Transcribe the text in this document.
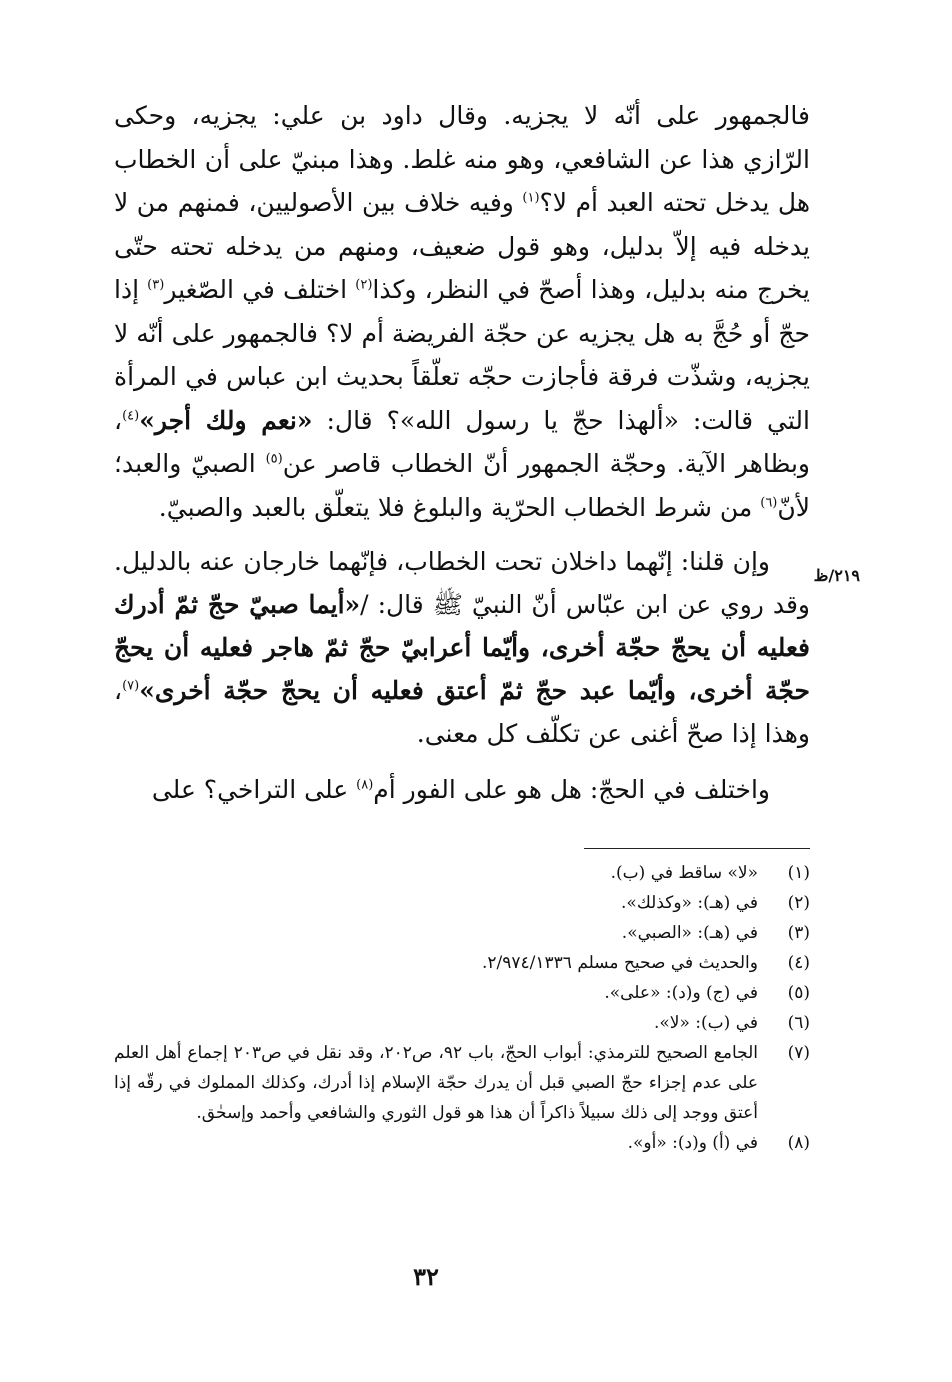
٢١٩/ظ

فالجمهور على أنّه لا يجزيه. وقال داود بن علي: يجزيه، وحكى الرّازي هذا عن الشافعي، وهو منه غلط. وهذا مبنيّ على أن الخطاب هل يدخل تحته العبد أم لا؟$^{(١)}$ وفيه خلاف بين الأصوليين، فمنهم من لا يدخله فيه إلاّ بدليل، وهو قول ضعيف، ومنهم من يدخله تحته حتّى يخرج منه بدليل، وهذا أصحّ في النظر، وكذا$^{(٢)}$ اختلف في الصّغير$^{(٣)}$ إذا حجّ أو حُجَّ به هل يجزيه عن حجّة الفريضة أم لا؟ فالجمهور على أنّه لا يجزيه، وشذّت فرقة فأجازت حجّه تعلّقاً بحديث ابن عباس في المرأة التي قالت: «ألهذا حجّ يا رسول الله»؟ قال: «نعم ولك أجر»$^{(٤)}$، وبظاهر الآية. وحجّة الجمهور أنّ الخطاب قاصر عن$^{(٥)}$ الصبيّ والعبد؛ لأنّ$^{(٦)}$ من شرط الخطاب الحرّية والبلوغ فلا يتعلّق بالعبد والصبيّ.

وإن قلنا: إنّهما داخلان تحت الخطاب، فإنّهما خارجان عنه بالدليل. وقد روي عن ابن عبّاس أنّ النبيّ ﷺ قال: /«أيما صبيّ حجّ ثمّ أدرك فعليه أن يحجّ حجّة أخرى، وأيّما أعرابيّ حجّ ثمّ هاجر فعليه أن يحجّ حجّة أخرى، وأيّما عبد حجّ ثمّ أعتق فعليه أن يحجّ حجّة أخرى»$^{(٧)}$، وهذا إذا صحّ أغنى عن تكلّف كل معنى.

واختلف في الحجّ: هل هو على الفور أم$^{(٨)}$ على التراخي؟ على

(١)
«لا» ساقط في (ب).
(٢)
في (هـ): «وكذلك».
(٣)
في (هـ): «الصبي».
(٤)
والحديث في صحيح مسلم ٢/٩٧٤/١٣٣٦.
(٥)
في (ج) و(د): «على».
(٦)
في (ب): «لا».
(٧)
الجامع الصحيح للترمذي: أبواب الحجّ، باب ٩٢، ص٢٠٢، وقد نقل في ص٢٠٣ إجماع أهل العلم على عدم إجزاء حجّ الصبي قبل أن يدرك حجّة الإسلام إذا أدرك، وكذلك المملوك في رقّه إذا أعتق ووجد إلى ذلك سبيلاً ذاكراً أن هذا هو قول الثوري والشافعي وأحمد وإسحٰق.
(٨)
في (أ) و(د): «أو».
٣٢
